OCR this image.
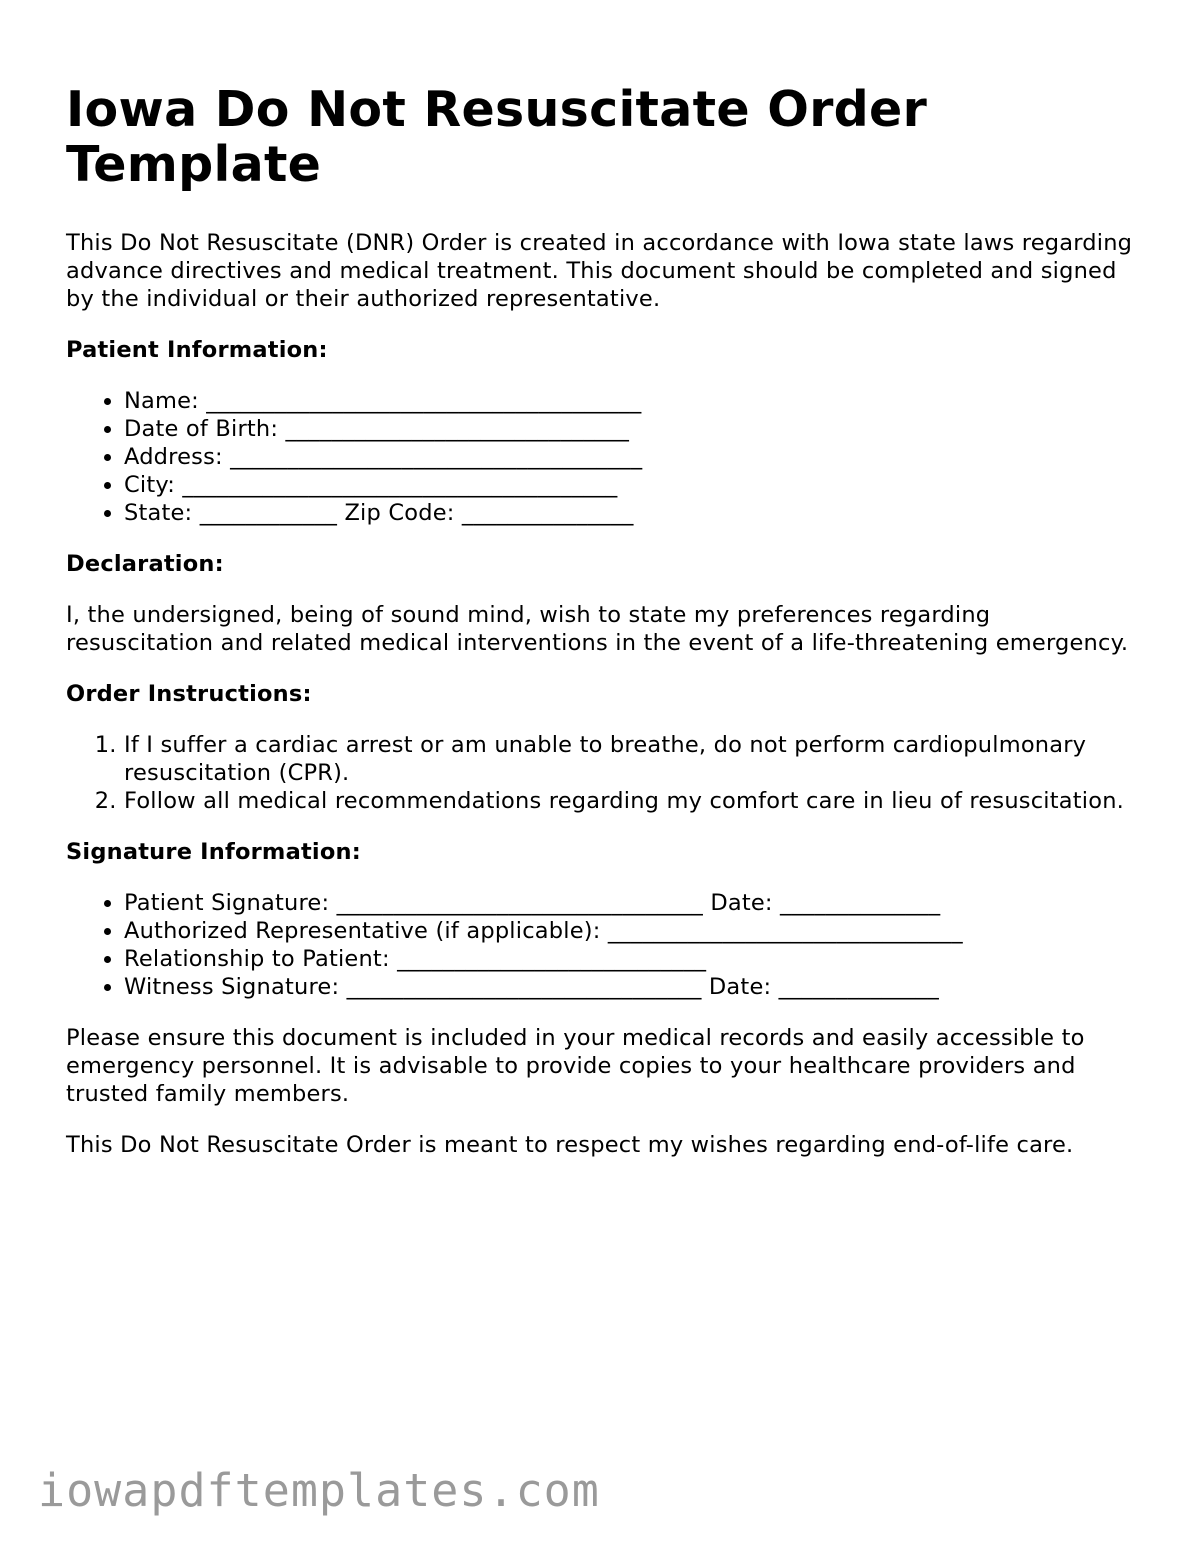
Iowa Do Not Resuscitate Order Template

This Do Not Resuscitate (DNR) Order is created in accordance with Iowa state laws regarding advance directives and medical treatment. This document should be completed and signed by the individual or their authorized representative.

Patient Information:
• Name: ______________________________________
• Date of Birth: ______________________________
• Address: ____________________________________
• City: ______________________________________
• State: ____________ Zip Code: _______________
Declaration:

I, the undersigned, being of sound mind, wish to state my preferences regarding resuscitation and related medical interventions in the event of a life-threatening emergency.

Order Instructions:
1. If I suffer a cardiac arrest or am unable to breathe, do not perform cardiopulmonary resuscitation (CPR).
2. Follow all medical recommendations regarding my comfort care in lieu of resuscitation.
Signature Information:
• Patient Signature: ________________________________ Date: ______________
• Authorized Representative (if applicable): _______________________________
• Relationship to Patient: ___________________________
• Witness Signature: _______________________________ Date: ______________

Please ensure this document is included in your medical records and easily accessible to emergency personnel. It is advisable to provide copies to your healthcare providers and trusted family members.

This Do Not Resuscitate Order is meant to respect my wishes regarding end-of-life care.

iowapdftemplates.com
